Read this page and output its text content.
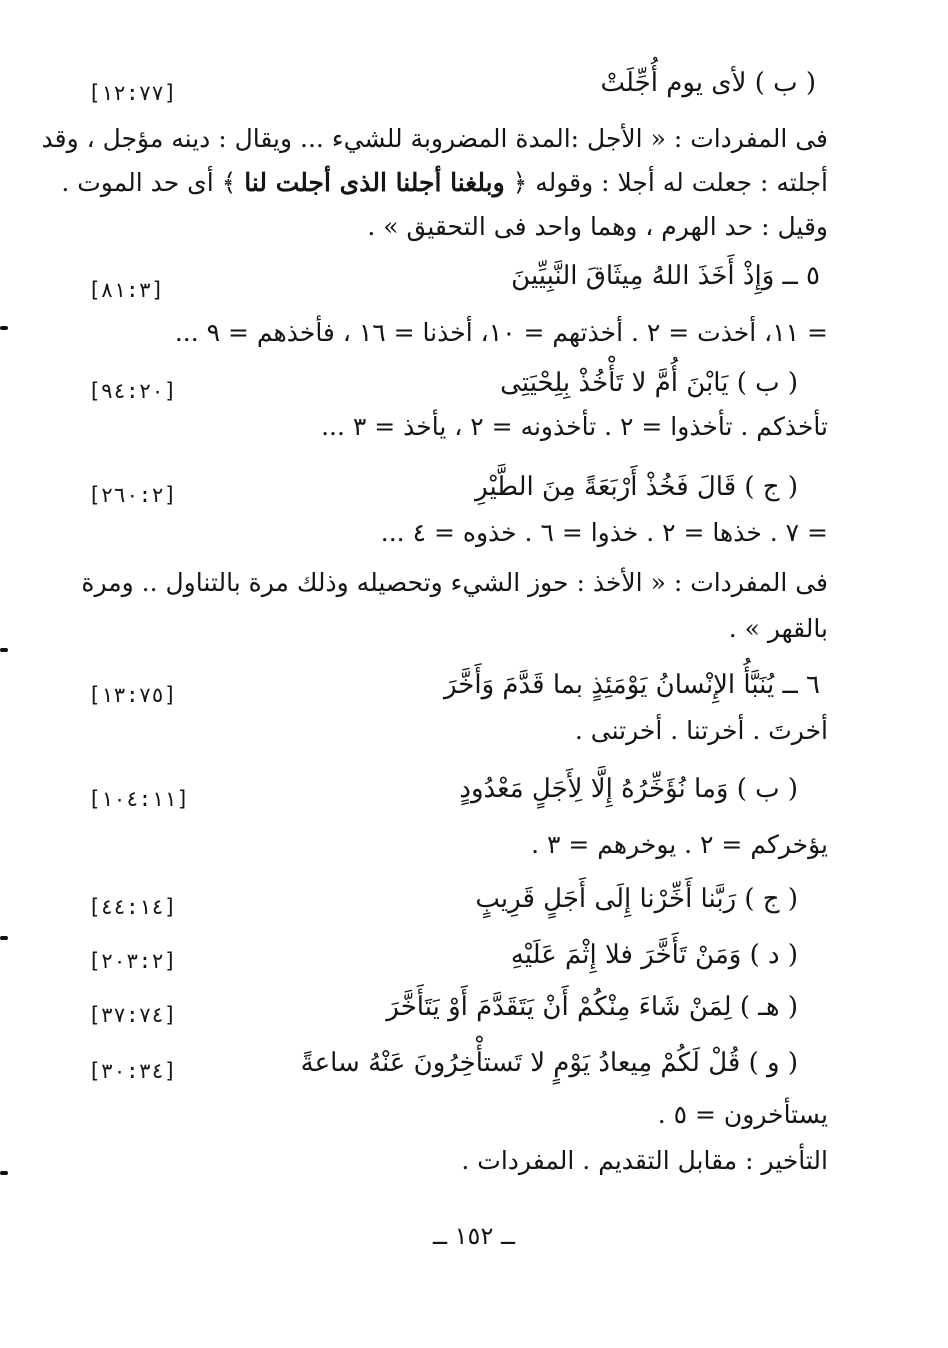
( ب ) لأى يوم أُجِّلَتْ
[١٢:٧٧]
فى المفردات : « الأجل :المدة المضروبة للشيء ... ويقال : دينه مؤجل ، وقد
أجلته : جعلت له أجلا : وقوله ﴿ وبلغنا أجلنا الذى أجلت لنا ﴾ أى حد الموت .
وقيل : حد الهرم ، وهما واحد فى التحقيق » .
٥ ــ وَإِذْ أَخَذَ اللهُ مِيثَاقَ النَّبِيِّينَ
[٨١:٣]
= ١١، أخذت = ٢ . أخذتهم = ١٠، أخذنا = ١٦ ، فأخذهم = ٩ ...
( ب ) يَابْنَ أُمَّ لا تَأْخُذْ بِلِحْيَتِى
[٩٤:٢٠]
تأخذكم . تأخذوا = ٢ . تأخذونه = ٢ ، يأخذ = ٣ ...
( ج ) قَالَ فَخُذْ أَرْبَعَةً مِنَ الطَّيْرِ
[٢٦٠:٢]
= ٧ . خذها = ٢ . خذوا = ٦ . خذوه = ٤ ...
فى المفردات : « الأخذ : حوز الشيء وتحصيله وذلك مرة بالتناول .. ومرة
بالقهر » .
٦ ــ يُنَبَّأُ الإِنْسانُ يَوْمَئِذٍ بما قَدَّمَ وَأَخَّرَ
[١٣:٧٥]
أخرتَ . أخرتنا . أخرتنى .
( ب ) وَما نُؤَخِّرُهُ إِلَّا لِأَجَلٍ مَعْدُودٍ
[١٠٤:١١]
يؤخركم = ٢ . يوخرهم = ٣ .
( ج ) رَبَّنا أَخِّرْنا إِلَى أَجَلٍ قَرِيبٍ
[٤٤:١٤]
( د ) وَمَنْ تَأَخَّرَ فلا إِثْمَ عَلَيْهِ
[٢٠٣:٢]
( هـ ) لِمَنْ شَاءَ مِنْكُمْ أَنْ يَتَقَدَّمَ أَوْ يَتَأَخَّرَ
[٣٧:٧٤]
( و ) قُلْ لَكُمْ مِيعادُ يَوْمٍ لا تَستأْخِرُونَ عَنْهُ ساعةً
[٣٠:٣٤]
يستأخرون = ٥ .
التأخير : مقابل التقديم . المفردات .
ــ ١٥٢ ــ
